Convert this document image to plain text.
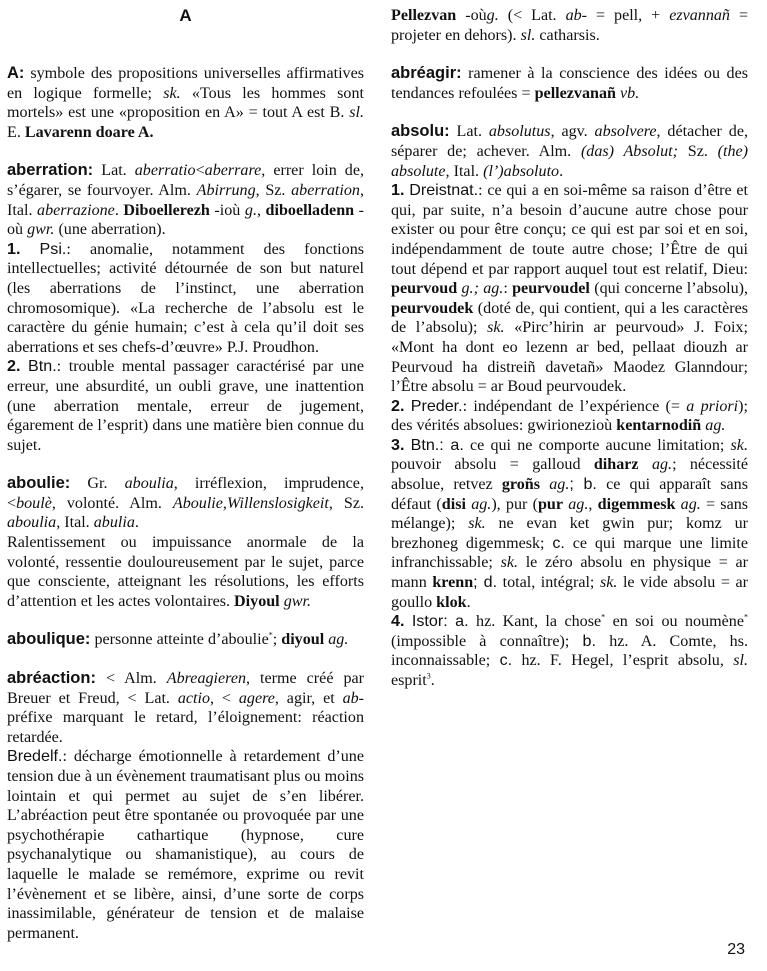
A
A: symbole des propositions universelles affirmatives en logique formelle; sk. «Tous les hommes sont mortels» est une «proposition en A» = tout A est B. sl. E. Lavarenn doare A.
aberration: Lat. aberratio<aberrare, errer loin de, s’égarer, se fourvoyer. Alm. Abirrung, Sz. aberration, Ital. aberrazione. Diboellerezh -ioù g., diboelladenn -où gwr. (une aberration).
1. Psi.: anomalie, notamment des fonctions intellectuelles; activité détournée de son but naturel (les aberrations de l’instinct, une aberration chromosomique). «La recherche de l’absolu est le caractère du génie humain; c’est à cela qu’il doit ses aberrations et ses chefs-d’œuvre» P.J. Proudhon.
2. Btn.: trouble mental passager caractérisé par une erreur, une absurdité, un oubli grave, une inattention (une aberration mentale, erreur de jugement, égarement de l’esprit) dans une matière bien connue du sujet.
aboulie: Gr. aboulia, irréflexion, imprudence, <boulè, volonté. Alm. Aboulie,Willenslosigkeit, Sz. aboulia, Ital. abulia.
Ralentissement ou impuissance anormale de la volonté, ressentie douloureusement par le sujet, parce que consciente, atteignant les résolutions, les efforts d’attention et les actes volontaires. Diyoul gwr.
aboulique: personne atteinte d’aboulie*; diyoul ag.
abréaction: < Alm. Abreagieren, terme créé par Breuer et Freud, < Lat. actio, < agere, agir, et ab- préfixe marquant le retard, l’éloignement: réaction retardée.
Bredelf.: décharge émotionnelle à retardement d’une tension due à un évènement traumatisant plus ou moins lointain et qui permet au sujet de s’en libérer. L’abréaction peut être spontanée ou provoquée par une psychothérapie cathartique (hypnose, cure psychanalytique ou shamanistique), au cours de laquelle le malade se remémore, exprime ou revit l’évènement et se libère, ainsi, d’une sorte de corps inassimilable, générateur de tension et de malaise permanent.
Pellezvan -oùg. (< Lat. ab- = pell, + ezvannañ = projeter en dehors). sl. catharsis.
abréagir: ramener à la conscience des idées ou des tendances refoulées = pellezvanañ vb.
absolu: Lat. absolutus, agv. absolvere, détacher de, séparer de; achever. Alm. (das) Absolut; Sz. (the) absolute, Ital. (l’)absoluto.
1. Dreistnat.: ce qui a en soi-même sa raison d’être et qui, par suite, n’a besoin d’aucune autre chose pour exister ou pour être conçu; ce qui est par soi et en soi, indépendamment de toute autre chose; l’Être de qui tout dépend et par rapport auquel tout est relatif, Dieu: peurvoud g.; ag.: peurvoudel (qui concerne l’absolu), peurvoudek (doté de, qui contient, qui a les caractères de l’absolu); sk. «Pirc’hirin ar peurvoud» J. Foix; «Mont ha dont eo lezenn ar bed, pellaat diouzh ar Peurvoud ha distreiñ davetañ» Maodez Glanndour; l’Être absolu = ar Boud peurvoudek.
2. Preder.: indépendant de l’expérience (= a priori); des vérités absolues: gwirionezioù kentarnodiñ ag.
3. Btn.: a. ce qui ne comporte aucune limitation; sk. pouvoir absolu = galloud diharz ag.; nécessité absolue, retvez groñs ag.; b. ce qui apparaît sans défaut (disi ag.), pur (pur ag., digemmesk ag. = sans mélange); sk. ne evan ket gwin pur; komz ur brezhoneg digemmesk; c. ce qui marque une limite infranchissable; sk. le zéro absolu en physique = ar mann krenn; d. total, intégral; sk. le vide absolu = ar goullo klok.
4. Istor: a. hz. Kant, la chose* en soi ou noumène* (impossible à connaître); b. hz. A. Comte, hs. inconnaissable; c. hz. F. Hegel, l’esprit absolu, sl. esprit$^3$.
23
